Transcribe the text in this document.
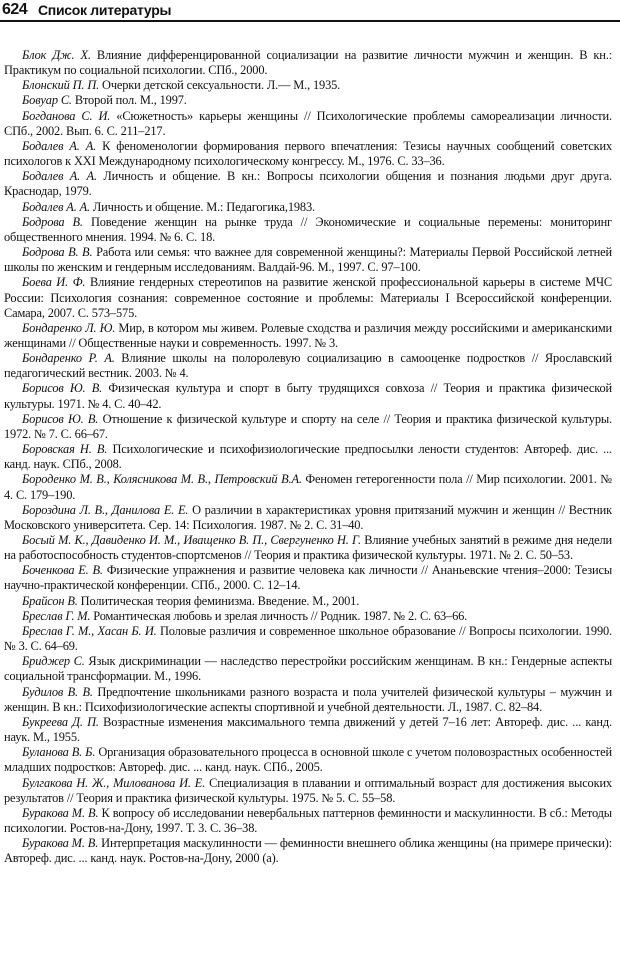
624 Список литературы

Блок Дж. Х. Влияние дифференцированной социализации на развитие личности мужчин и женщин. В кн.: Практикум по социальной психологии. СПб., 2000.

Блонский П. П. Очерки детской сексуальности. Л.— М., 1935.

Бовуар С. Второй пол. М., 1997.

Богданова С. И. «Сюжетность» карьеры женщины // Психологические проблемы самореализации личности. СПб., 2002. Вып. 6. С. 211–217.

Бодалев А. А. К феноменологии формирования первого впечатления: Тезисы научных сообщений советских психологов к XXI Международному психологическому конгрессу. М., 1976. С. 33–36.

Бодалев А. А. Личность и общение. В кн.: Вопросы психологии общения и познания людьми друг друга. Краснодар, 1979.

Бодалев А. А. Личность и общение. М.: Педагогика,1983.

Бодрова В. Поведение женщин на рынке труда // Экономические и социальные перемены: мониторинг общественного мнения. 1994. № 6. С. 18.

Бодрова В. В. Работа или семья: что важнее для современной женщины?: Материалы Первой Российской летней школы по женским и гендерным исследованиям. Валдай-96. М., 1997. С. 97–100.

Боева И. Ф. Влияние гендерных стереотипов на развитие женской профессиональной карьеры в системе МЧС России: Психология сознания: современное состояние и проблемы: Материалы I Всероссийской конференции. Самара, 2007. С. 573–575.

Бондаренко Л. Ю. Мир, в котором мы живем. Ролевые сходства и различия между российскими и американскими женщинами // Общественные науки и современность. 1997. № 3.

Бондаренко Р. А. Влияние школы на полоролевую социализацию в самооценке подростков // Ярославский педагогический вестник. 2003. № 4.

Борисов Ю. В. Физическая культура и спорт в быту трудящихся совхоза // Теория и практика физической культуры. 1971. № 4. С. 40–42.

Борисов Ю. В. Отношение к физической культуре и спорту на селе // Теория и практика физической культуры. 1972. № 7. С. 66–67.

Боровская Н. В. Психологические и психофизиологические предпосылки лености студентов: Автореф. дис. ... канд. наук. СПб., 2008.

Бороденко М. В., Колясникова М. В., Петровский В.А. Феномен гетерогенности пола // Мир психологии. 2001. № 4. С. 179–190.

Бороздина Л. В., Данилова Е. Е. О различии в характеристиках уровня притязаний мужчин и женщин // Вестник Московского университета. Сер. 14: Психология. 1987. № 2. С. 31–40.

Босый М. К., Давиденко И. М., Иващенко В. П., Свергуненко Н. Г. Влияние учебных занятий в режиме дня недели на работоспособность студентов-спортсменов // Теория и практика физической культуры. 1971. № 2. С. 50–53.

Боченкова Е. В. Физические упражнения и развитие человека как личности // Ананьевские чтения–2000: Тезисы научно-практической конференции. СПб., 2000. С. 12–14.

Брайсон В. Политическая теория феминизма. Введение. М., 2001.

Бреслав Г. М. Романтическая любовь и зрелая личность // Родник. 1987. № 2. С. 63–66.

Бреслав Г. М., Хасан Б. И. Половые различия и современное школьное образование // Вопросы психологии. 1990. № 3. С. 64–69.

Бриджер С. Язык дискриминации — наследство перестройки российским женщинам. В кн.: Гендерные аспекты социальной трансформации. М., 1996.

Будилов В. В. Предпочтение школьниками разного возраста и пола учителей физической культуры – мужчин и женщин. В кн.: Психофизиологические аспекты спортивной и учебной деятельности. Л., 1987. С. 82–84.

Букреева Д. П. Возрастные изменения максимального темпа движений у детей 7–16 лет: Автореф. дис. ... канд. наук. М., 1955.

Буланова В. Б. Организация образовательного процесса в основной школе с учетом половозрастных особенностей младших подростков: Автореф. дис. ... канд. наук. СПб., 2005.

Булгакова Н. Ж., Милованова И. Е. Специализация в плавании и оптимальный возраст для достижения высоких результатов // Теория и практика физической культуры. 1975. № 5. С. 55–58.

Буракова М. В. К вопросу об исследовании невербальных паттернов феминности и маскулинности. В сб.: Методы психологии. Ростов-на-Дону, 1997. Т. 3. С. 36–38.

Буракова М. В. Интерпретация маскулинности — феминности внешнего облика женщины (на примере прически): Автореф. дис. ... канд. наук. Ростов-на-Дону, 2000 (а).
